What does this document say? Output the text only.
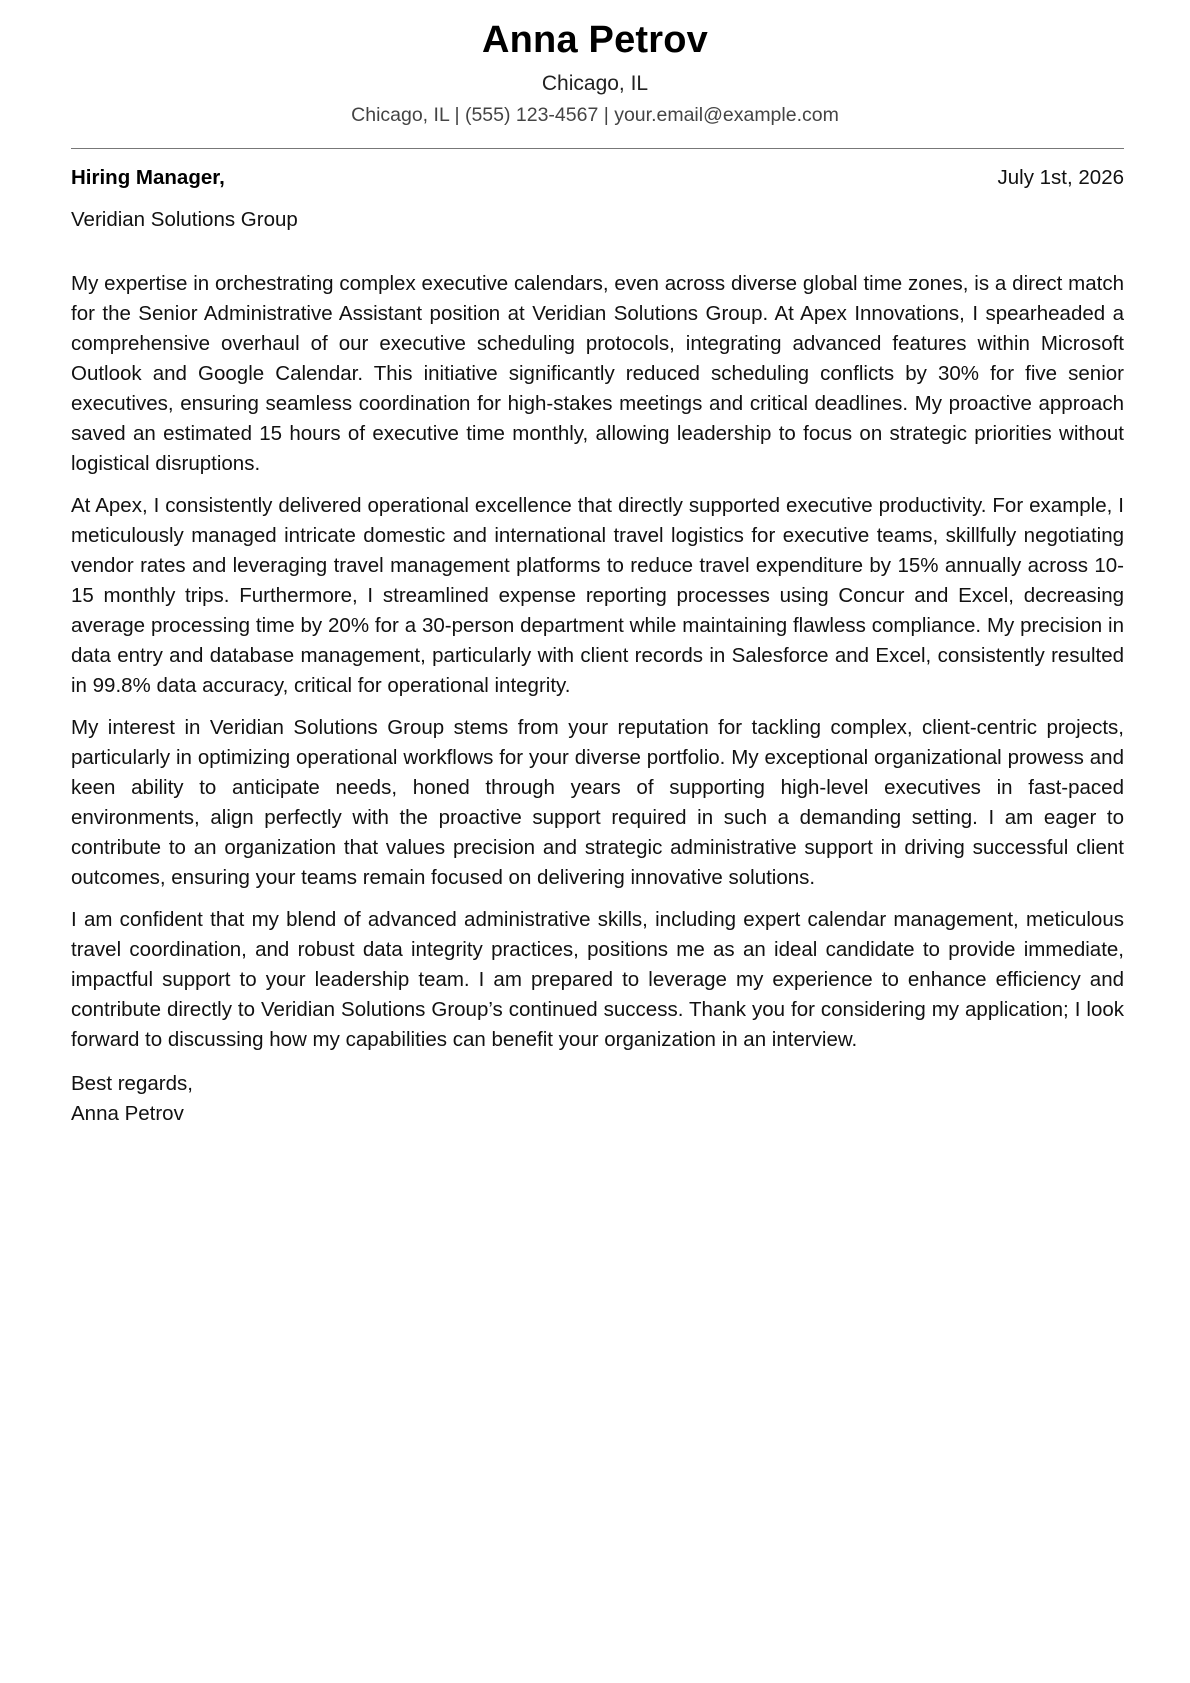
Anna Petrov
Chicago, IL
Chicago, IL | (555) 123-4567 | your.email@example.com
Hiring Manager,	July 1st, 2026
Veridian Solutions Group

My expertise in orchestrating complex executive calendars, even across diverse global time zones, is a direct match for the Senior Administrative Assistant position at Veridian Solutions Group. At Apex Innovations, I spearheaded a comprehensive overhaul of our executive scheduling protocols, integrating advanced features within Microsoft Outlook and Google Calendar. This initiative significantly reduced scheduling conflicts by 30% for five senior executives, ensuring seamless coordination for high-stakes meetings and critical deadlines. My proactive approach saved an estimated 15 hours of executive time monthly, allowing leadership to focus on strategic priorities without logistical disruptions.

At Apex, I consistently delivered operational excellence that directly supported executive productivity. For example, I meticulously managed intricate domestic and international travel logistics for executive teams, skillfully negotiating vendor rates and leveraging travel management platforms to reduce travel expenditure by 15% annually across 10-15 monthly trips. Furthermore, I streamlined expense reporting processes using Concur and Excel, decreasing average processing time by 20% for a 30-person department while maintaining flawless compliance. My precision in data entry and database management, particularly with client records in Salesforce and Excel, consistently resulted in 99.8% data accuracy, critical for operational integrity.

My interest in Veridian Solutions Group stems from your reputation for tackling complex, client-centric projects, particularly in optimizing operational workflows for your diverse portfolio. My exceptional organizational prowess and keen ability to anticipate needs, honed through years of supporting high-level executives in fast-paced environments, align perfectly with the proactive support required in such a demanding setting. I am eager to contribute to an organization that values precision and strategic administrative support in driving successful client outcomes, ensuring your teams remain focused on delivering innovative solutions.

I am confident that my blend of advanced administrative skills, including expert calendar management, meticulous travel coordination, and robust data integrity practices, positions me as an ideal candidate to provide immediate, impactful support to your leadership team. I am prepared to leverage my experience to enhance efficiency and contribute directly to Veridian Solutions Group’s continued success. Thank you for considering my application; I look forward to discussing how my capabilities can benefit your organization in an interview.

Best regards,
Anna Petrov
